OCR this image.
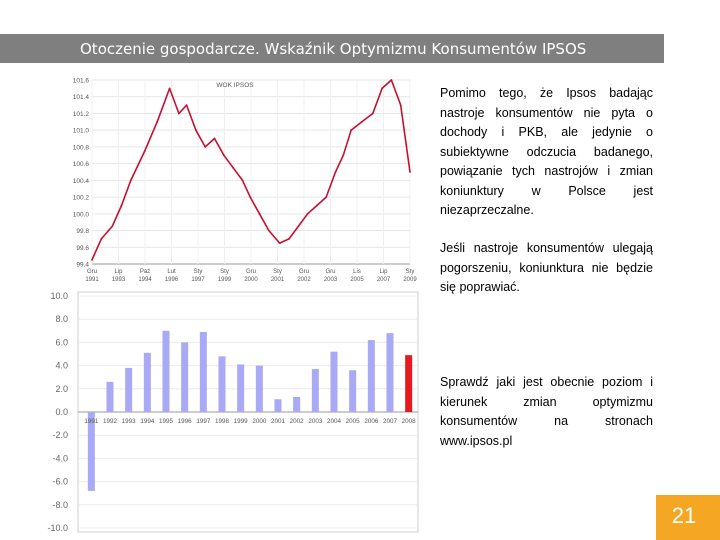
Otoczenie gospodarcze. Wskaźnik Optymizmu Konsumentów IPSOS
101.6
101.4
101.2
101.0
100.8
100.6
100.4
100.2
100.0
99.8
99.6
99.4
Gru 1991
Lip 1993
Paź 1994
Lut 1996
Sty 1997
Sty 1999
Gru 2000
Sty 2001
Gru 2002
Gru 2003
Lis 2005
Lip 2007
Sty 2009
WOK IPSOS
10.0
8.0
6.0
4.0
2.0
0.0
-2.0
-4.0
-6.0
-8.0
-10.0
1991 1992 1993 1994 1995 1996 1997 1998 1999 2000 2001 2002 2003 2004 2005 2006 2007 2008
Pomimo tego, że Ipsos badając nastroje konsumentów nie pyta o dochody i PKB, ale jedynie o subiektywne odczucia badanego, powiązanie tych nastrojów i zmian koniunktury w Polsce jest niezaprzeczalne.
Jeśli nastroje konsumentów ulegają pogorszeniu, koniunktura nie będzie się poprawiać.
Sprawdź jaki jest obecnie poziom i kierunek zmian optymizmu konsumentów na stronach www.ipsos.pl
21
